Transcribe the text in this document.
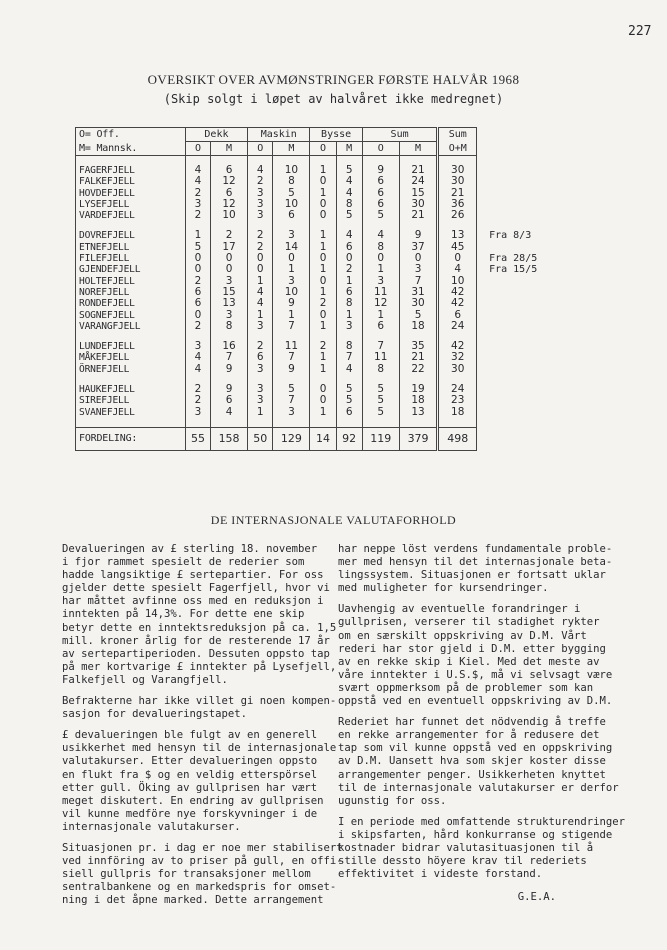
227
OVERSIKT OVER AVMØNSTRINGER FØRSTE HALVÅR 1968
(Skip solgt i løpet av halvåret ikke medregnet)
O= Off.	Dekk		Maskin		Bysse		Sum		Sum	
M= Mannsk.	O	M	O	M	O	M	O	M	O+M	

FAGERFJELL	4	6	4	10	1	5	9	21	30	
FALKEFJELL	4	12	2	8	0	4	6	24	30	
HOVDEFJELL	2	6	3	5	1	4	6	15	21	
LYSEFJELL	3	12	3	10	0	8	6	30	36	
VARDEFJELL	2	10	3	6	0	5	5	21	26	

DOVREFJELL	1	2	2	3	1	4	4	9	13	Fra 8/3
ETNEFJELL	5	17	2	14	1	6	8	37	45	
FILEFJELL	0	0	0	0	0	0	0	0	0	Fra 28/5
GJENDEFJELL	0	0	0	1	1	2	1	3	4	Fra 15/5
HOLTEFJELL	2	3	1	3	0	1	3	7	10	
NOREFJELL	6	15	4	10	1	6	11	31	42	
RONDEFJELL	6	13	4	9	2	8	12	30	42	
SOGNEFJELL	0	3	1	1	0	1	1	5	6	
VARANGFJELL	2	8	3	7	1	3	6	18	24	

LUNDEFJELL	3	16	2	11	2	8	7	35	42	
MÅKEFJELL	4	7	6	7	1	7	11	21	32	
ÖRNEFJELL	4	9	3	9	1	4	8	22	30	

HAUKEFJELL	2	9	3	5	0	5	5	19	24	
SIREFJELL	2	6	3	7	0	5	5	18	23	
SVANEFJELL	3	4	1	3	1	6	5	13	18	

FORDELING:	55	158	50	129	14	92	119	379	498	
DE INTERNASJONALE VALUTAFORHOLD

Devalueringen av £ sterling 18. november
i fjor rammet spesielt de rederier som
hadde langsiktige £ sertepartier. For oss
gjelder dette spesielt Fagerfjell, hvor vi
har måttet avfinne oss med en reduksjon i
inntekten på 14,3%. For dette ene skip
betyr dette en inntektsreduksjon på ca. 1,5
mill. kroner årlig for de resterende 17 år
av sertepartiperioden. Dessuten oppsto tap
på mer kortvarige £ inntekter på Lysefjell,
Falkefjell og Varangfjell.

Befrakterne har ikke villet gi noen kompen-
sasjon for devalueringstapet.

£ devalueringen ble fulgt av en generell
usikkerhet med hensyn til de internasjonale
valutakurser. Etter devalueringen oppsto
en flukt fra $ og en veldig etterspörsel
etter gull. Öking av gullprisen har vært
meget diskutert. En endring av gullprisen
vil kunne medföre nye forskyvninger i de
internasjonale valutakurser.

Situasjonen pr. i dag er noe mer stabilisert
ved innföring av to priser på gull, en offi-
siell gullpris for transaksjoner mellom
sentralbankene og en markedspris for omset-
ning i det åpne marked. Dette arrangement

har neppe löst verdens fundamentale proble-
mer med hensyn til det internasjonale beta-
lingssystem. Situasjonen er fortsatt uklar
med muligheter for kursendringer.

Uavhengig av eventuelle forandringer i
gullprisen, verserer til stadighet rykter
om en særskilt oppskriving av D.M. Vårt
rederi har stor gjeld i D.M. etter bygging
av en rekke skip i Kiel. Med det meste av
våre inntekter i U.S.$, må vi selvsagt være
svært oppmerksom på de problemer som kan
oppstå ved en eventuell oppskriving av D.M.

Rederiet har funnet det nödvendig å treffe
en rekke arrangementer for å redusere det
tap som vil kunne oppstå ved en oppskriving
av D.M. Uansett hva som skjer koster disse
arrangementer penger. Usikkerheten knyttet
til de internasjonale valutakurser er derfor
ugunstig for oss.

I en periode med omfattende strukturendringer
i skipsfarten, hård konkurranse og stigende
kostnader bidrar valutasituasjonen til å
stille dessto höyere krav til rederiets
effektivitet i videste forstand.

G.E.A.
